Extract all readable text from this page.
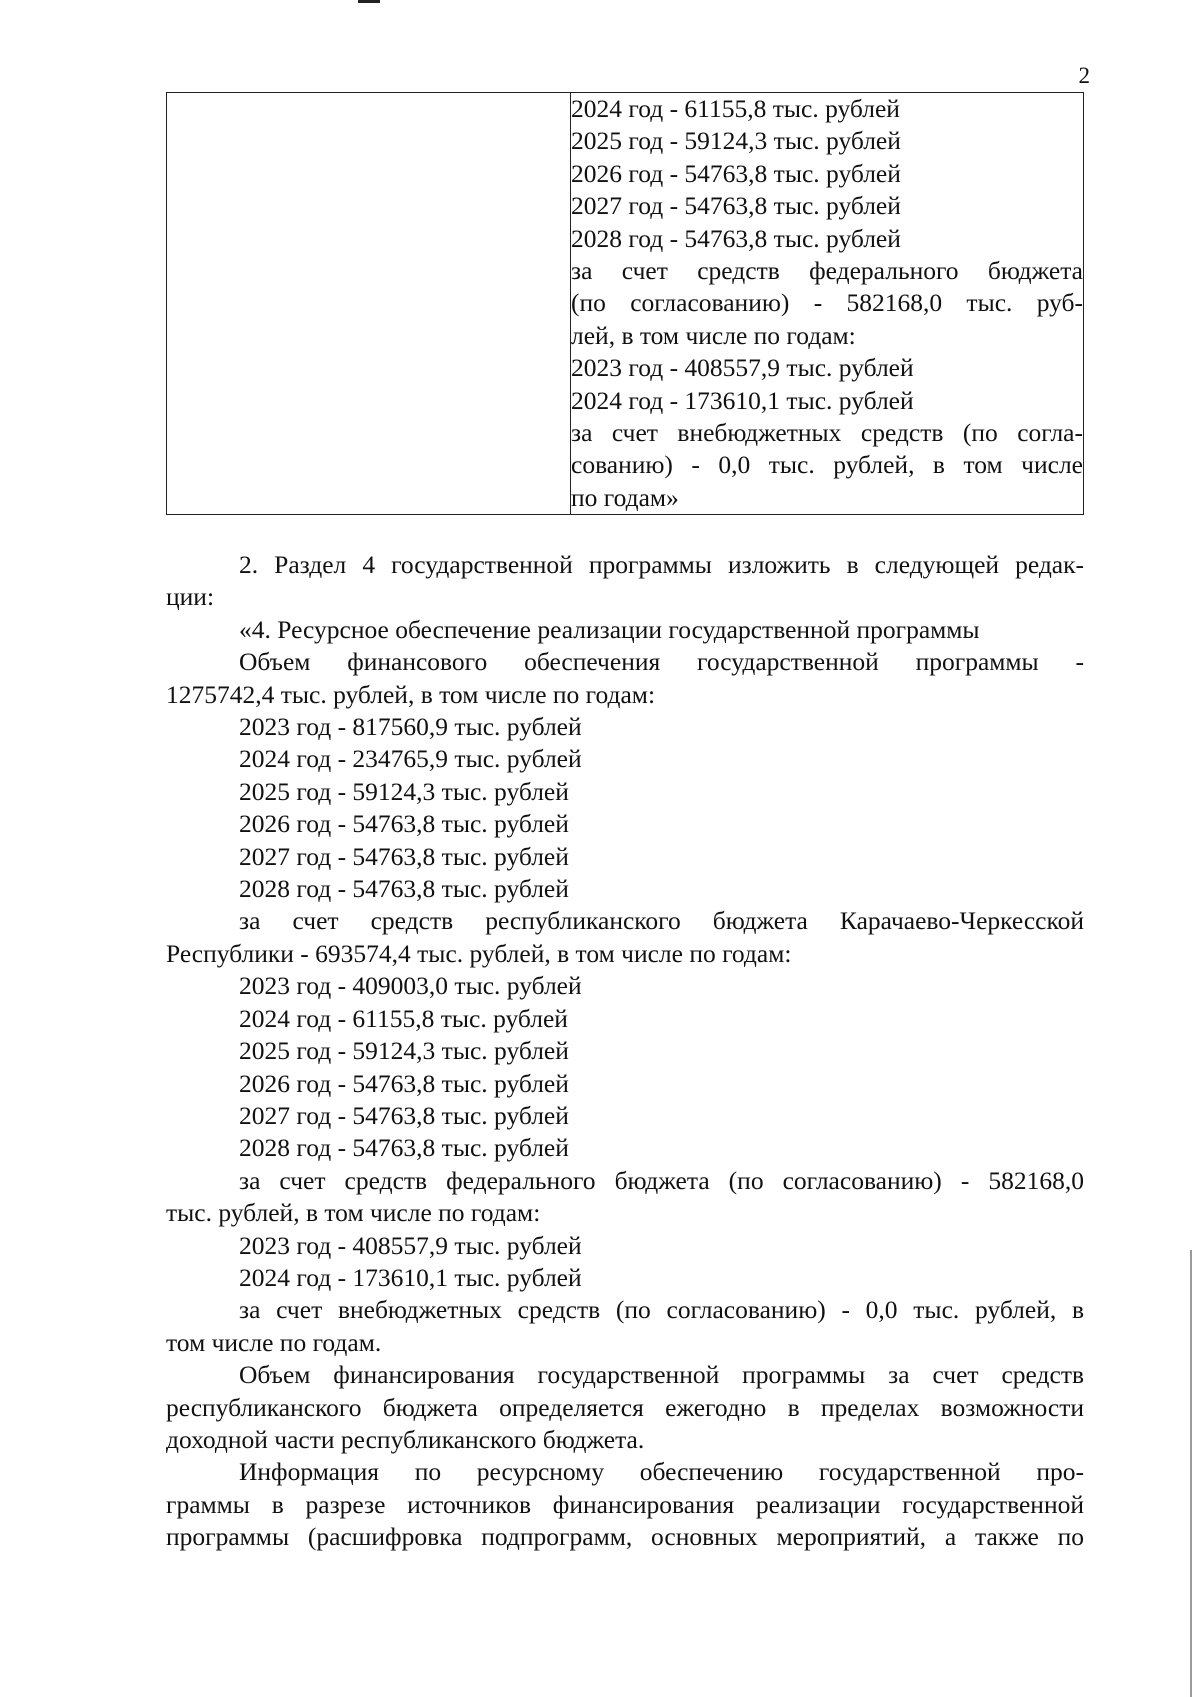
2

2024 год - 61155,8 тыс. рублей
2025 год - 59124,3 тыс. рублей
2026 год - 54763,8 тыс. рублей
2027 год - 54763,8 тыс. рублей
2028 год - 54763,8 тыс. рублей
за счет средств федерального бюджета
(по согласованию) - 582168,0 тыс. руб-
лей, в том числе по годам:
2023 год - 408557,9 тыс. рублей
2024 год - 173610,1 тыс. рублей
за счет внебюджетных средств (по согла-
сованию) - 0,0 тыс. рублей, в том числе
по годам»
2. Раздел 4 государственной программы изложить в следующей редак-
ции:
«4. Ресурсное обеспечение реализации государственной программы
Объем финансового обеспечения государственной программы -
1275742,4 тыс. рублей, в том числе по годам:
2023 год - 817560,9 тыс. рублей
2024 год - 234765,9 тыс. рублей
2025 год - 59124,3 тыс. рублей
2026 год - 54763,8 тыс. рублей
2027 год - 54763,8 тыс. рублей
2028 год - 54763,8 тыс. рублей
за счет средств республиканского бюджета Карачаево-Черкесской
Республики - 693574,4 тыс. рублей, в том числе по годам:
2023 год - 409003,0 тыс. рублей
2024 год - 61155,8 тыс. рублей
2025 год - 59124,3 тыс. рублей
2026 год - 54763,8 тыс. рублей
2027 год - 54763,8 тыс. рублей
2028 год - 54763,8 тыс. рублей
за счет средств федерального бюджета (по согласованию) - 582168,0
тыс. рублей, в том числе по годам:
2023 год - 408557,9 тыс. рублей
2024 год - 173610,1 тыс. рублей
за счет внебюджетных средств (по согласованию) - 0,0 тыс. рублей, в
том числе по годам.
Объем финансирования государственной программы за счет средств
республиканского бюджета определяется ежегодно в пределах возможности
доходной части республиканского бюджета.
Информация по ресурсному обеспечению государственной про-
граммы в разрезе источников финансирования реализации государственной
программы (расшифровка подпрограмм, основных мероприятий, а также по
